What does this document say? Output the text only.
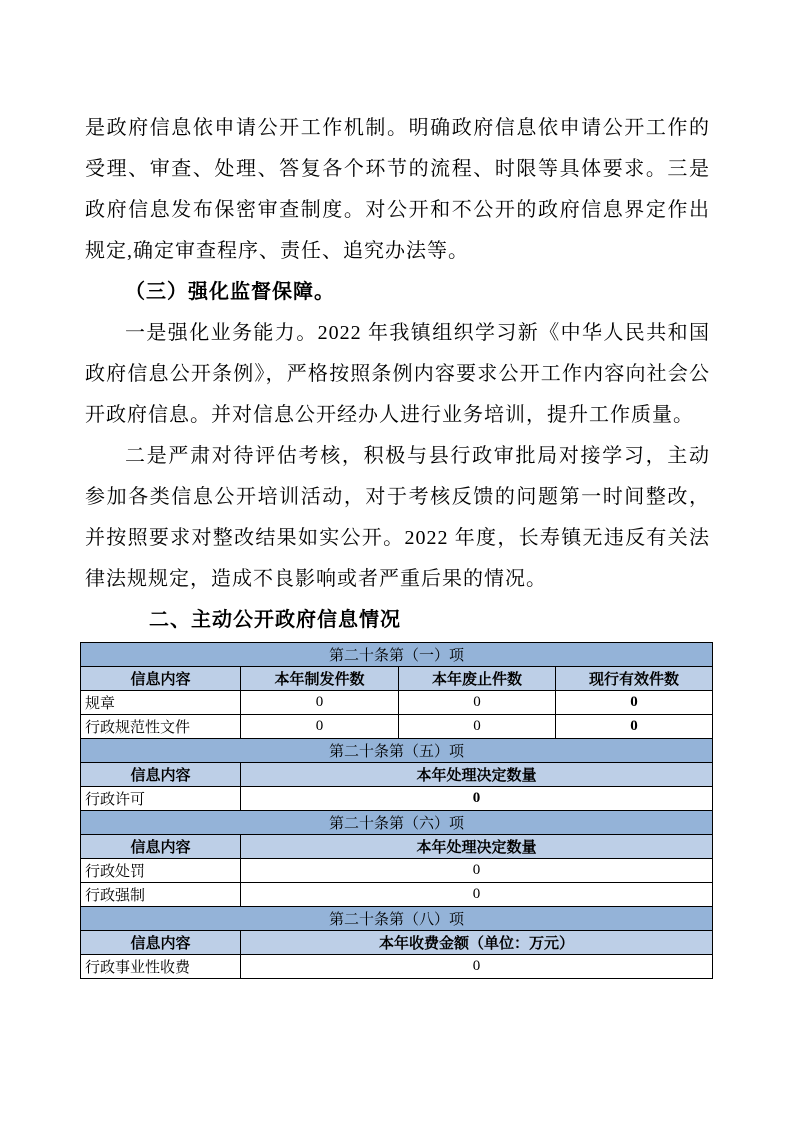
是政府信息依申请公开工作机制。明确政府信息依申请公开工作的受理、审查、处理、答复各个环节的流程、时限等具体要求。三是政府信息发布保密审查制度。对公开和不公开的政府信息界定作出规定,确定审查程序、责任、追究办法等。

（三）强化监督保障。

一是强化业务能力。2022 年我镇组织学习新《中华人民共和国政府信息公开条例》，严格按照条例内容要求公开工作内容向社会公开政府信息。并对信息公开经办人进行业务培训，提升工作质量。

二是严肃对待评估考核，积极与县行政审批局对接学习，主动参加各类信息公开培训活动，对于考核反馈的问题第一时间整改，并按照要求对整改结果如实公开。2022 年度，长寿镇无违反有关法律法规规定，造成不良影响或者严重后果的情况。

二、主动公开政府信息情况
第二十条第（一）项			
信息内容	本年制发件数	本年废止件数	现行有效件数
规章	0	0	0
行政规范性文件	0	0	0
第二十条第（五）项			
信息内容	本年处理决定数量		
行政许可	0		
第二十条第（六）项			
信息内容	本年处理决定数量		
行政处罚	0		
行政强制	0		
第二十条第（八）项			
信息内容	本年收费金额（单位：万元）		
行政事业性收费	0		
